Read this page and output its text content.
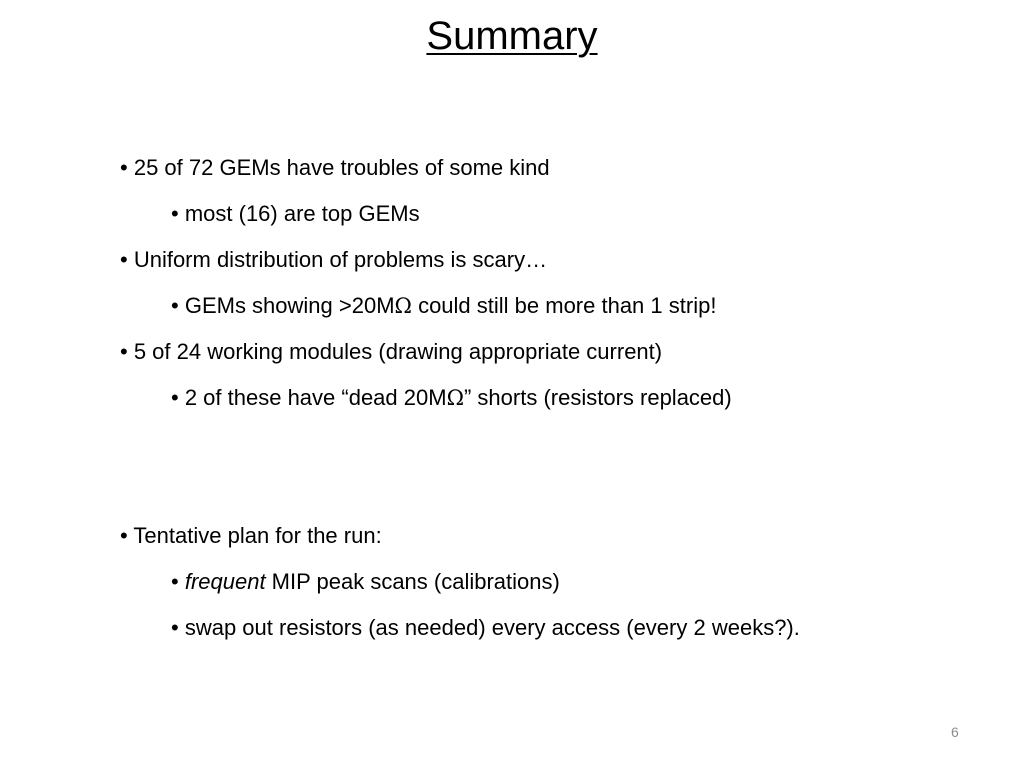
Summary
• 25 of 72 GEMs have troubles of some kind
• most (16) are top GEMs
• Uniform distribution of problems is scary…
• GEMs showing >20MΩ could still be more than 1 strip!
• 5 of 24 working modules (drawing appropriate current)
• 2 of these have “dead 20MΩ” shorts (resistors replaced)
• Tentative plan for the run:
• frequent MIP peak scans (calibrations)
• swap out resistors (as needed) every access (every 2 weeks?).
6
